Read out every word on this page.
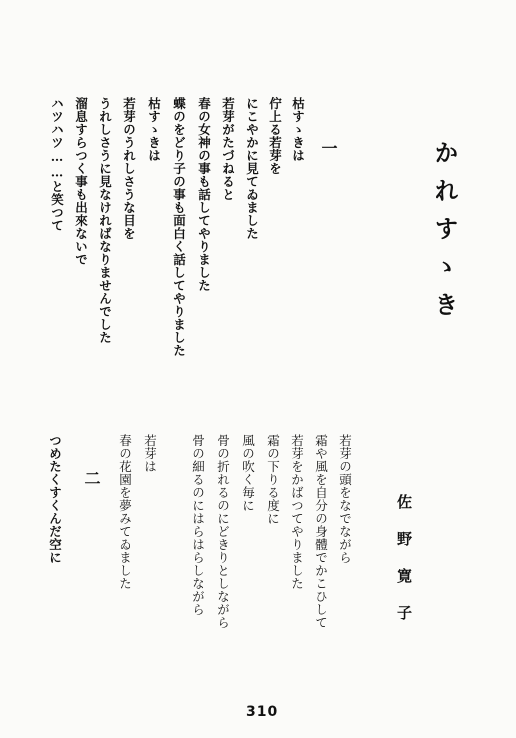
かれすゝき
一
枯すゝきは
佇上る若芽を
にこやかに見てゐました
若芽がたづねると
春の女神の事も話してやりました
蝶のをどり子の事も面白く話してやりました
枯すゝきは
若芽のうれしさうな目を
うれしさうに見なければなりませんでした
溜息すらつく事も出來ないで
ハツハツ……と笑つて
佐野寛子
若芽の頭をなでながら
霜や風を自分の身體でかこひして
若芽をかばつてやりました
霜の下りる度に
風の吹く毎に
骨の折れるのにどきりとしながら
骨の細るのにはらはらしながら
若芽は
春の花園を夢みてゐました
二
つめたくすくんだ空に
310
